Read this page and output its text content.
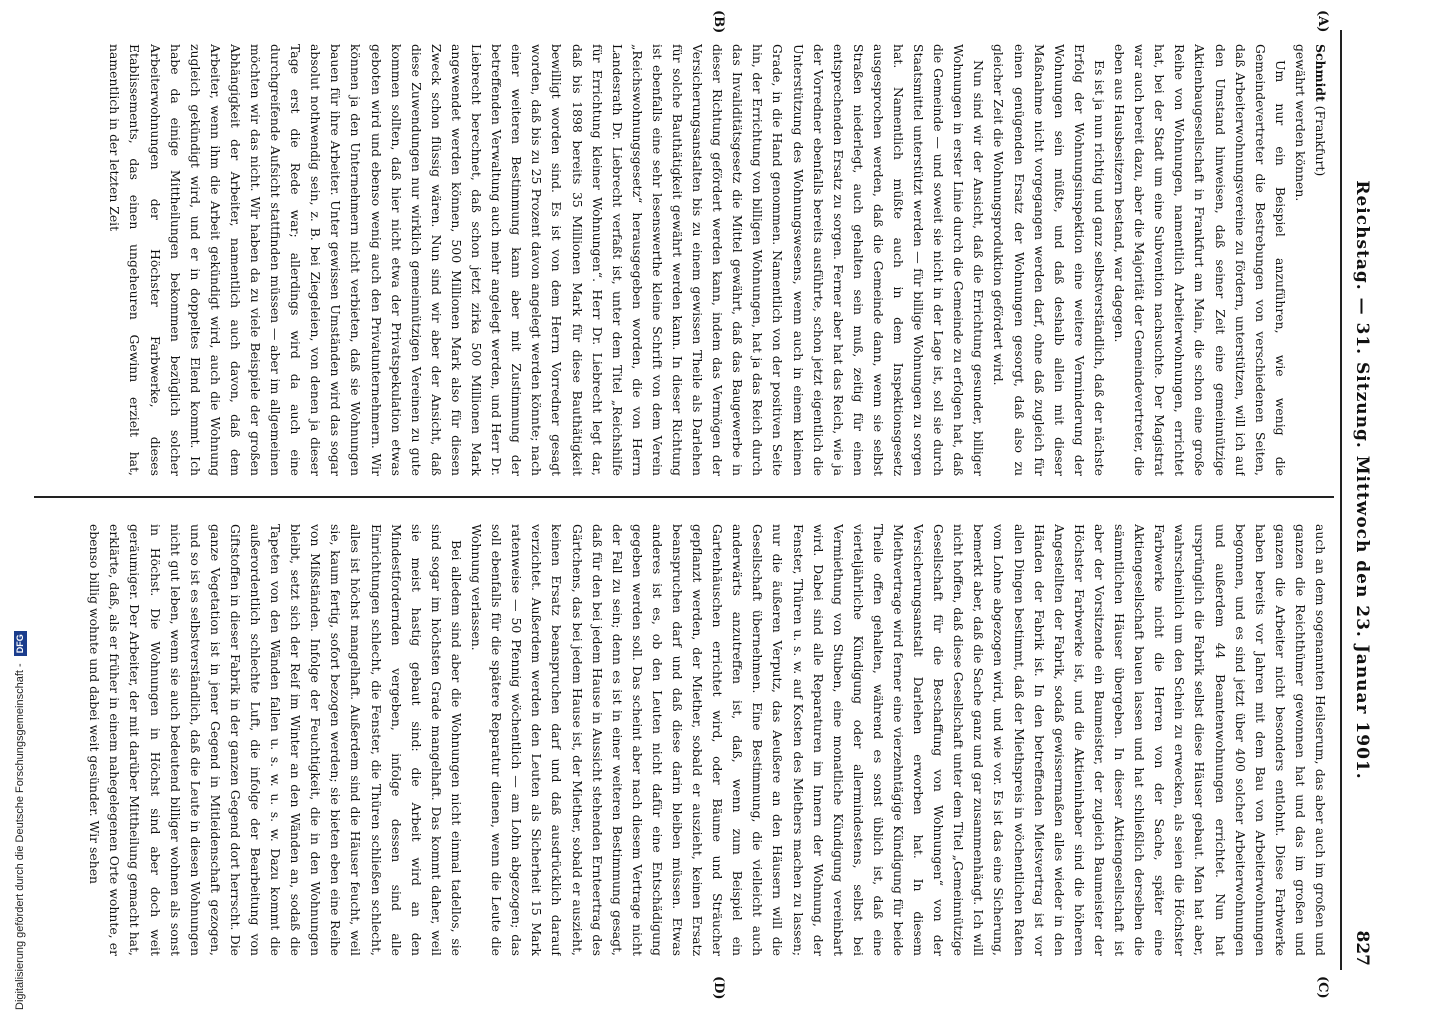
Reichstag. — 31. Sitzung. Mittwoch den 23. Januar 1901.
827
(A)
(B)
(C)
(D)

Schmidt (Frankfurt)

gewährt werden können.

Um nur ein Beispiel anzuführen, wie wenig die Gemeindevertreter die Bestrebungen von verschiedenen Seiten, daß Arbeiterwohnungsvereine zu fördern, unterstützen, will ich auf den Umstand hinweisen, daß seiner Zeit eine gemeinnützige Aktienbaugesellschaft in Frankfurt am Main, die schon eine große Reihe von Wohnungen, namentlich Arbeiterwohnungen, errichtet hat, bei der Stadt um eine Subvention nachsuchte. Der Magistrat war auch bereit dazu, aber die Majorität der Gemeindevertreter, die eben aus Hausbesitzern bestand, war dagegen.

Es ist ja nun richtig und ganz selbstverständlich, daß der nächste Erfolg der Wohnungsinspektion eine weitere Verminderung der Wohnungen sein müßte, und daß deshalb allein mit dieser Maßnahme nicht vorgegangen werden darf, ohne daß zugleich für einen genügenden Ersatz der Wohnungen gesorgt, daß also zu gleicher Zeit die Wohnungsproduktion gefördert wird.

Nun sind wir der Ansicht, daß die Errichtung gesunder, billiger Wohnungen in erster Linie durch die Gemeinde zu erfolgen hat, daß die Gemeinde — und soweit sie nicht in der Lage ist, soll sie durch Staatsmittel unterstützt werden — für billige Wohnungen zu sorgen hat. Namentlich müßte auch in dem Inspektionsgesetz ausgesprochen werden, daß die Gemeinde dann, wenn sie selbst Straßen niederlegt, auch gehalten sein muß, zeitig für einen entsprechenden Ersatz zu sorgen. Ferner aber hat das Reich, wie ja der Vorredner ebenfalls bereits ausführte, schon jetzt eigentlich die Unterstützung des Wohnungswesens, wenn auch in einem kleinen Grade, in die Hand genommen. Namentlich von der positiven Seite hin, der Errichtung von billigen Wohnungen, hat ja das Reich durch das Invaliditätsgesetz die Mittel gewährt, daß das Baugewerbe in dieser Richtung gefördert werden kann, indem das Vermögen der Versicherungsanstalten bis zu einem gewissen Theile als Darlehen für solche Bauthätigkeit gewährt werden kann. In dieser Richtung ist ebenfalls eine sehr lesenswerthe kleine Schrift von dem Verein „Reichswohnungsgesetz“ herausgegeben worden, die von Herrn Landesrath Dr. Liebrecht verfaßt ist, unter dem Titel „Reichshilfe für Errichtung kleiner Wohnungen“. Herr Dr. Liebrecht legt dar, daß bis 1898 bereits 35 Millionen Mark für diese Bauthätigkeit bewilligt worden sind. Es ist von dem Herrn Vorredner gesagt worden, daß bis zu 25 Prozent davon angelegt werden könnte; nach einer weiteren Bestimmung kann aber mit Zustimmung der betreffenden Verwaltung auch mehr angelegt werden, und Herr Dr. Liebrecht berechnet, daß schon jetzt zirka 500 Millionen Mark angewendet werden können, 500 Millionen Mark also für diesen Zweck schon flüssig wären. Nun sind wir aber der Ansicht, daß diese Zuwendungen nur wirklich gemeinnützigen Vereinen zu gute kommen sollten, daß hier nicht etwa der Privatspekulation etwas geboten wird und ebenso wenig auch den Privatunternehmern. Wir können ja den Unternehmern nicht verbieten, daß sie Wohnungen bauen für ihre Arbeiter. Unter gewissen Umständen wird das sogar absolut nothwendig sein, z. B. bei Ziegeleien, von denen ja dieser Tage erst die Rede war; allerdings wird da auch eine durchgreifende Aufsicht stattfinden müssen — aber im allgemeinen möchten wir das nicht. Wir haben da zu viele Beispiele der großen Abhängigkeit der Arbeiter, namentlich auch davon, daß dem Arbeiter, wenn ihm die Arbeit gekündigt wird, auch die Wohnung zugleich gekündigt wird, und er in doppeltes Elend kommt. Ich habe da einige Mittheilungen bekommen bezüglich solcher Arbeiterwohnungen der Höchster Farbwerke, dieses Etablissements, das einen ungeheuren Gewinn erzielt hat, namentlich in der letzten Zeit

auch an dem sogenannten Heilserum, das aber auch im großen und ganzen die Reichthümer gewonnen hat und das im großen und ganzen die Arbeiter nicht besonders entlohnt. Diese Farbwerke haben bereits vor Jahren mit dem Bau von Arbeiterwohnungen begonnen, und es sind jetzt über 400 solcher Arbeiterwohnungen und außerdem 44 Beamtenwohnungen errichtet. Nun hat ursprünglich die Fabrik selbst diese Häuser gebaut. Man hat aber, wahrscheinlich um den Schein zu erwecken, als seien die Höchster Farbwerke nicht die Herren von der Sache, später eine Aktiengesellschaft bauen lassen und hat schließlich derselben die sämmtlichen Häuser übergeben. In dieser Aktiengesellschaft ist aber der Vorsitzende ein Baumeister, der zugleich Baumeister der Höchster Farbwerke ist, und die Aktieninhaber sind die höheren Angestellten der Fabrik, sodaß gewissermaßen alles wieder in den Händen der Fabrik ist. In den betreffenden Mietsvertrag ist vor allen Dingen bestimmt, daß der Miethspreis in wöchentlichen Raten vom Lohne abgezogen wird, und wie vor. Es ist das eine Sicherung, bemerkt aber, daß die Sache ganz und gar zusammenhängt. Ich will nicht hoffen, daß diese Gesellschaft unter dem Titel „Gemeinnützige Gesellschaft für die Beschaffung von Wohnungen“ von der Versicherungsanstalt Darlehen erworben hat. In diesem Miethvertrage wird ferner eine vierzehntägige Kündigung für beide Theile offen gehalten, während es sonst üblich ist, daß eine vierteljährliche Kündigung oder allermindestens, selbst bei Vermiethung von Stuben, eine monatliche Kündigung vereinbart wird. Dabei sind alle Reparaturen im Innern der Wohnung, der Fenster, Thüren u. s. w. auf Kosten des Miethers machen zu lassen; nur die äußeren Verputz, das Aeußere an den Häusern will die Gesellschaft übernehmen. Eine Bestimmung, die vielleicht auch anderwärts anzutreffen ist, daß, wenn zum Beispiel ein Gartenhäuschen errichtet wird, oder Bäume und Sträucher gepflanzt werden, der Miether, sobald er auszieht, keinen Ersatz beanspruchen darf und daß diese darin bleiben müssen. Etwas anderes ist es, ob den Leuten nicht dafür eine Entschädigung gegeben werden soll. Das scheint aber nach diesem Vertrage nicht der Fall zu sein; denn es ist in einer weiteren Bestimmung gesagt, daß für den bei jedem Hause in Aussicht stehenden Ernteertrag des Gärtchens, das bei jedem Hause ist, der Miether, sobald er auszieht, keinen Ersatz beanspruchen darf und daß ausdrücklich darauf verzichtet. Außerdem werden den Leuten als Sicherheit 15 Mark ratenweise — 50 Pfennig wöchentlich — am Lohn abgezogen; das soll ebenfalls für die spätere Reparatur dienen, wenn die Leute die Wohnung verlassen.

Bei alledem sind aber die Wohnungen nicht einmal tadellos, sie sind sogar im höchsten Grade mangelhaft. Das kommt daher, weil sie meist hastig gebaut sind: die Arbeit wird an den Mindestfordernden vergeben, infolge dessen sind alle Einrichtungen schlecht, die Fenster, die Thüren schließen schlecht, alles ist höchst mangelhaft. Außerdem sind die Häuser feucht, weil sie, kaum fertig, sofort bezogen werden; sie bieten eben eine Reihe von Mißständen. Infolge der Feuchtigkeit, die in den Wohnungen bleibt, setzt sich der Reif im Winter an den Wänden an, sodaß die Tapeten von den Wänden fallen u. s. w. u. s. w. Dazu kommt die außerordentlich schlechte Luft, die infolge der Bearbeitung von Giftstoffen in dieser Fabrik in der ganzen Gegend dort herrscht. Die ganze Vegetation ist in jener Gegend in Mitleidenschaft gezogen, und so ist es selbstverständlich, daß die Leute in diesen Wohnungen nicht gut leben, wenn sie auch bedeutend billiger wohnen als sonst in Höchst. Die Wohnungen in Höchst sind aber doch weit geräumiger. Der Arbeiter, der mit darüber Mittheilung gemacht hat, erklärte, daß, als er früher in einem nahegelegenen Orte wohnte, er ebenso billig wohnte und dabei weit gesünder. Wir sehen

Digitalisierung gefördert durch die Deutsche Forschungsgemeinschaft - DFG
